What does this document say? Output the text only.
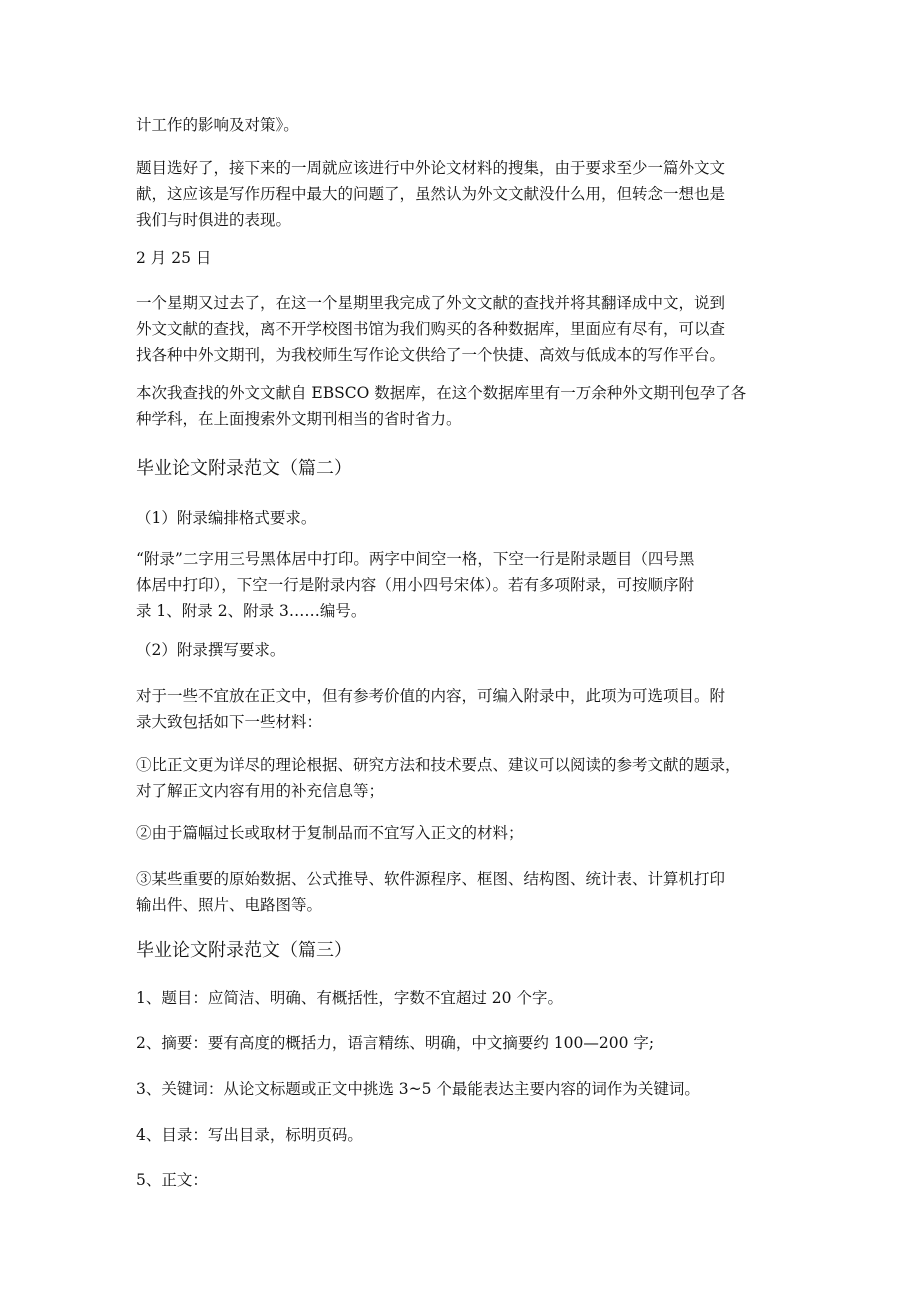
计工作的影响及对策》。
题目选好了，接下来的一周就应该进行中外论文材料的搜集，由于要求至少一篇外文文
献，这应该是写作历程中最大的问题了，虽然认为外文文献没什么用，但转念一想也是
我们与时俱进的表现。
2 月 25 日
一个星期又过去了，在这一个星期里我完成了外文文献的查找并将其翻译成中文，说到
外文文献的查找，离不开学校图书馆为我们购买的各种数据库，里面应有尽有，可以查
找各种中外文期刊，为我校师生写作论文供给了一个快捷、高效与低成本的写作平台。
本次我查找的外文文献自 EBSCO 数据库，在这个数据库里有一万余种外文期刊包孕了各
种学科，在上面搜索外文期刊相当的省时省力。
毕业论文附录范文（篇二）
（1）附录编排格式要求。
“附录”二字用三号黑体居中打印。两字中间空一格，下空一行是附录题目（四号黑
体居中打印），下空一行是附录内容（用小四号宋体）。若有多项附录，可按顺序附
录 1、附录 2、附录 3……编号。
（2）附录撰写要求。
对于一些不宜放在正文中，但有参考价值的内容，可编入附录中，此项为可选项目。附
录大致包括如下一些材料：
①比正文更为详尽的理论根据、研究方法和技术要点、建议可以阅读的参考文献的题录，
对了解正文内容有用的补充信息等；
②由于篇幅过长或取材于复制品而不宜写入正文的材料；
③某些重要的原始数据、公式推导、软件源程序、框图、结构图、统计表、计算机打印
输出件、照片、电路图等。
毕业论文附录范文（篇三）
1、题目：应简洁、明确、有概括性，字数不宜超过 20 个字。
2、摘要：要有高度的概括力，语言精练、明确，中文摘要约 100—200 字;
3、关键词：从论文标题或正文中挑选 3~5 个最能表达主要内容的词作为关键词。
4、目录：写出目录，标明页码。
5、正文：
